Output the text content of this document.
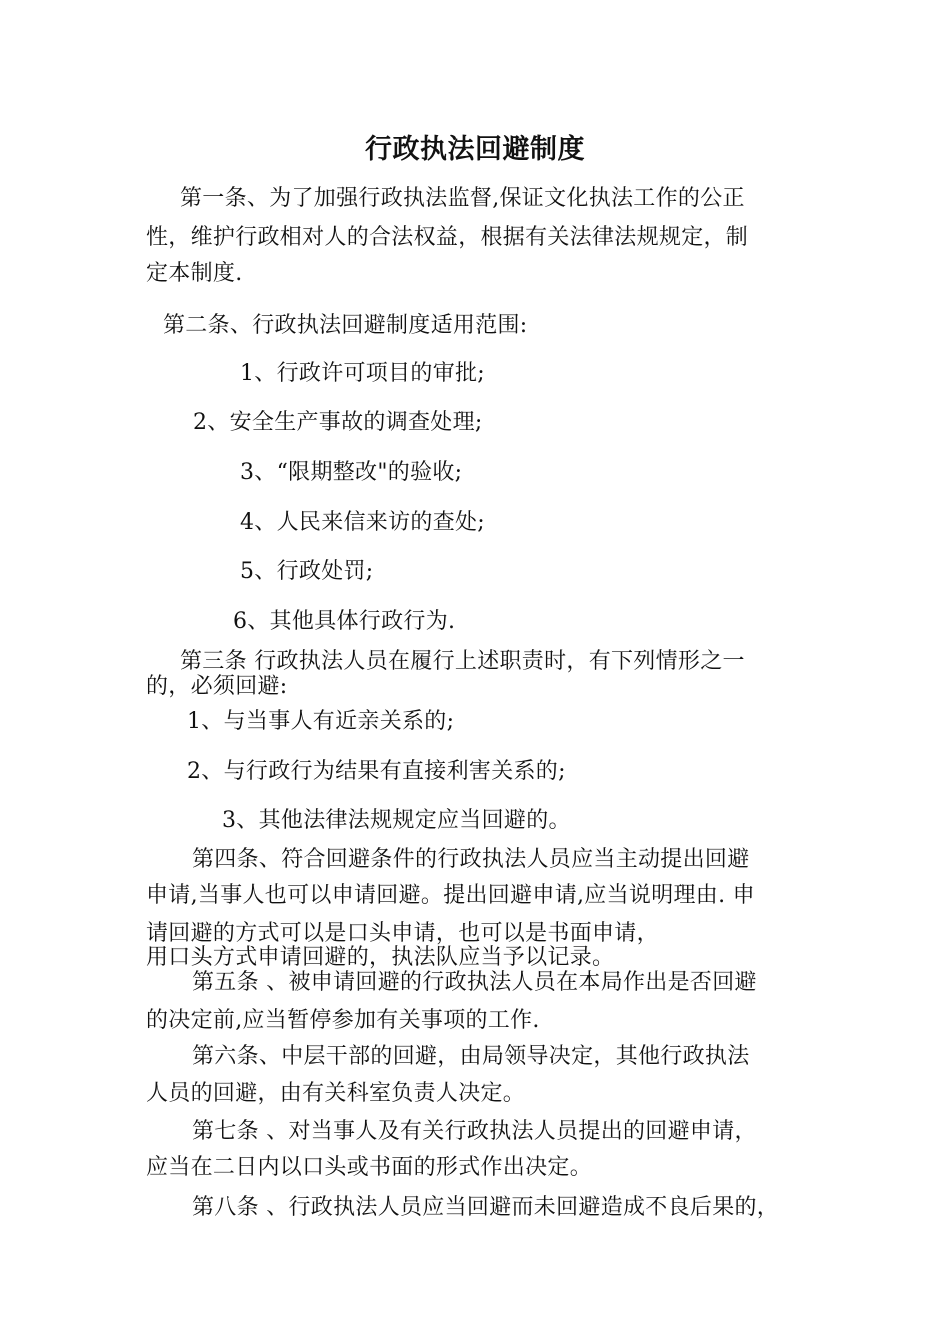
行政执法回避制度
第一条、为了加强行政执法监督,保证文化执法工作的公正
性，维护行政相对人的合法权益，根据有关法律法规规定，制
定本制度.
第二条、行政执法回避制度适用范围:
1、行政许可项目的审批;
2、安全生产事故的调查处理;
3、“限期整改"的验收;
4、人民来信来访的查处;
5、行政处罚;
6、其他具体行政行为.
第三条 行政执法人员在履行上述职责时，有下列情形之一
的，必须回避:
1、与当事人有近亲关系的;
2、与行政行为结果有直接利害关系的;
3、其他法律法规规定应当回避的。
第四条、符合回避条件的行政执法人员应当主动提出回避
申请,当事人也可以申请回避。提出回避申请,应当说明理由. 申
请回避的方式可以是口头申请，也可以是书面申请，
用口头方式申请回避的，执法队应当予以记录。
第五条 、被申请回避的行政执法人员在本局作出是否回避
的决定前,应当暂停参加有关事项的工作.
第六条、中层干部的回避，由局领导决定，其他行政执法
人员的回避，由有关科室负责人决定。
第七条 、对当事人及有关行政执法人员提出的回避申请，
应当在二日内以口头或书面的形式作出决定。
第八条 、行政执法人员应当回避而未回避造成不良后果的，
